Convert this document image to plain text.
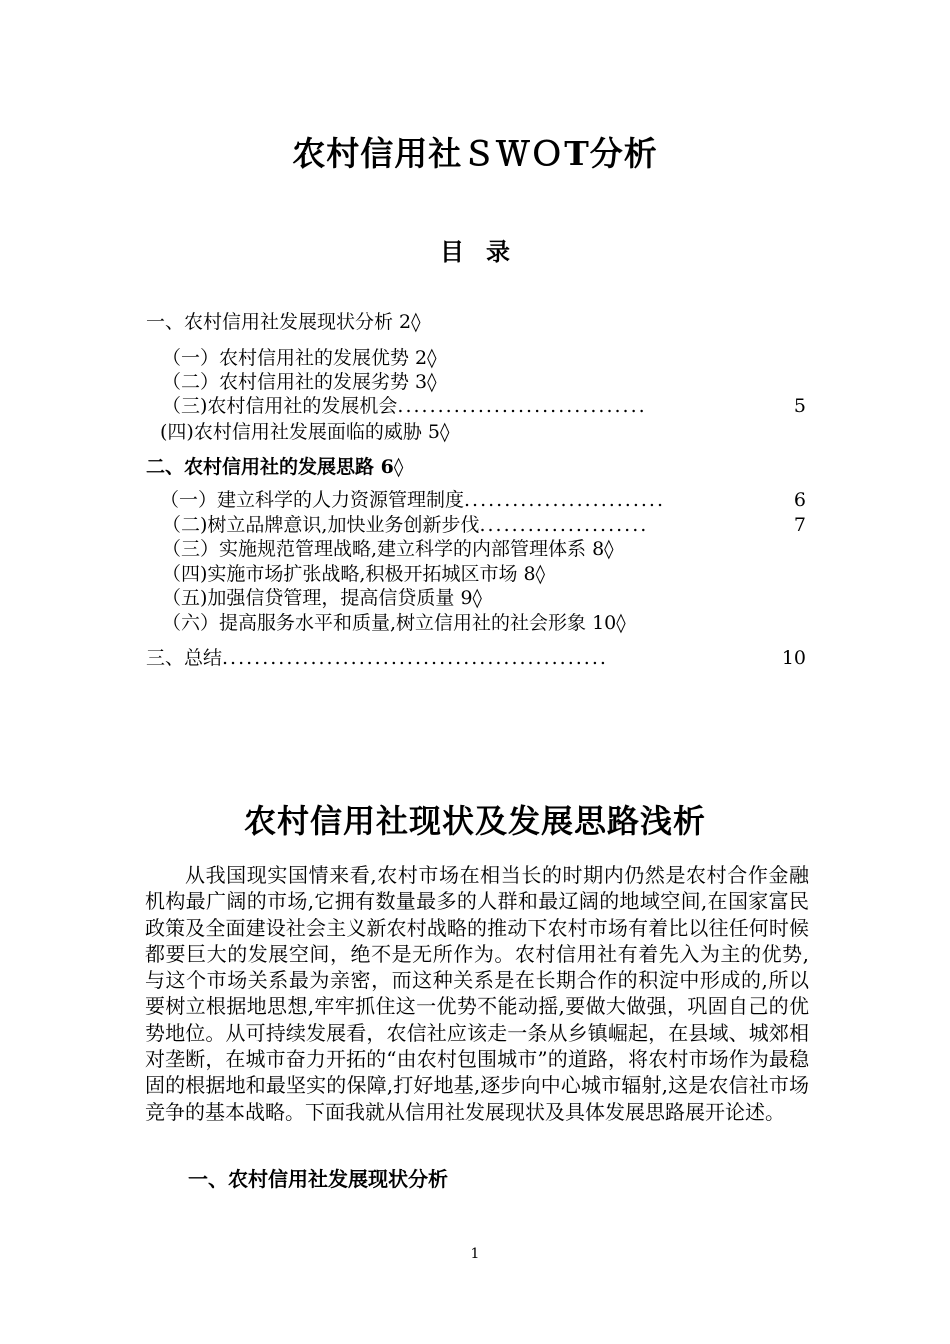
农村信用社ＳＷＯT分析
目录
一、农村信用社发展现状分析 2◊
（一）农村信用社的发展优势 2◊
（二）农村信用社的发展劣势 3◊
（三)农村信用社的发展机会...............................	5
(四)农村信用社发展面临的威胁 5◊
二、农村信用社的发展思路 6◊
（一）建立科学的人力资源管理制度.........................	6
（二)树立品牌意识,加快业务创新步伐.....................	7
（三）实施规范管理战略,建立科学的内部管理体系 8◊
（四)实施市场扩张战略,积极开拓城区市场 8◊
（五)加强信贷管理，提高信贷质量 9◊
（六）提高服务水平和质量,树立信用社的社会形象 10◊
三、总结................................................	10
农村信用社现状及发展思路浅析

从我国现实国情来看,农村市场在相当长的时期内仍然是农村合作金融机构最广阔的市场,它拥有数量最多的人群和最辽阔的地域空间,在国家富民政策及全面建设社会主义新农村战略的推动下农村市场有着比以往任何时候都要巨大的发展空间，绝不是无所作为。农村信用社有着先入为主的优势,与这个市场关系最为亲密，而这种关系是在长期合作的积淀中形成的,所以要树立根据地思想,牢牢抓住这一优势不能动摇,要做大做强，巩固自己的优势地位。从可持续发展看，农信社应该走一条从乡镇崛起，在县域、城郊相对垄断，在城市奋力开拓的“由农村包围城市”的道路，将农村市场作为最稳固的根据地和最坚实的保障,打好地基,逐步向中心城市辐射,这是农信社市场竞争的基本战略。下面我就从信用社发展现状及具体发展思路展开论述。

一、农村信用社发展现状分析
1
